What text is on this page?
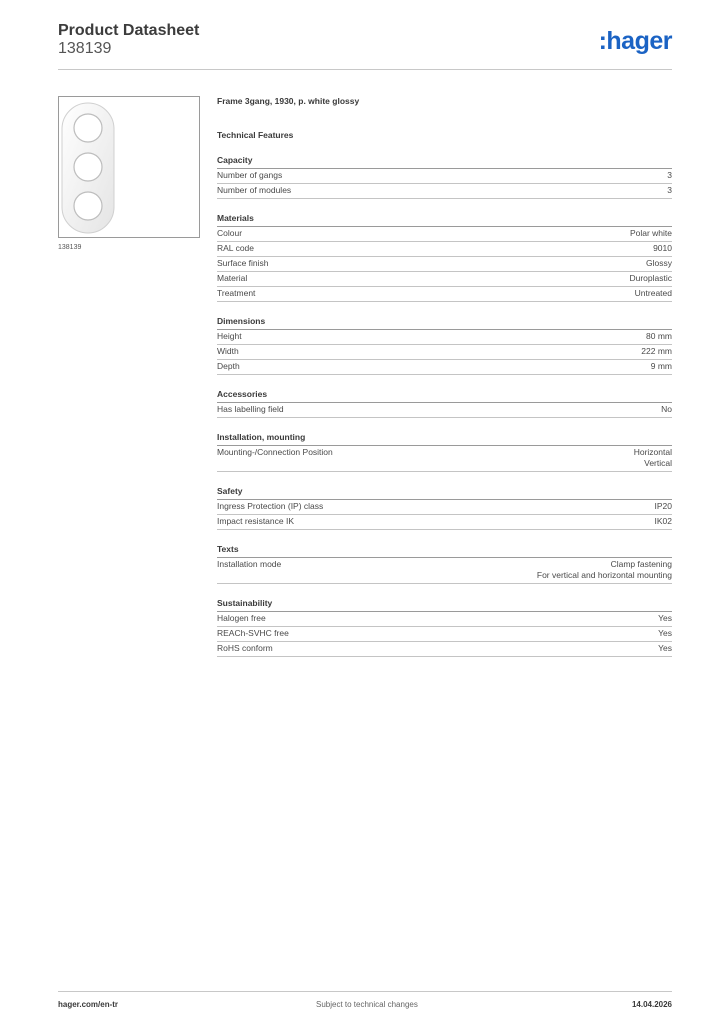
Product Datasheet
138139	:hager
138139
Frame 3gang, 1930, p. white glossy
Technical Features
Capacity
Number of gangs	3
Number of modules	3
Materials
Colour	Polar white
RAL code	9010
Surface finish	Glossy
Material	Duroplastic
Treatment	Untreated
Dimensions
Height	80 mm
Width	222 mm
Depth	9 mm
Accessories
Has labelling field	No
Installation, mounting
Mounting-/Connection Position	Horizontal
Vertical
Safety
Ingress Protection (IP) class	IP20
Impact resistance IK	IK02
Texts
Installation mode	Clamp fastening
For vertical and horizontal mounting
Sustainability
Halogen free	Yes
REACh-SVHC free	Yes
RoHS conform	Yes
hager.com/en-tr	Subject to technical changes	14.04.2026
